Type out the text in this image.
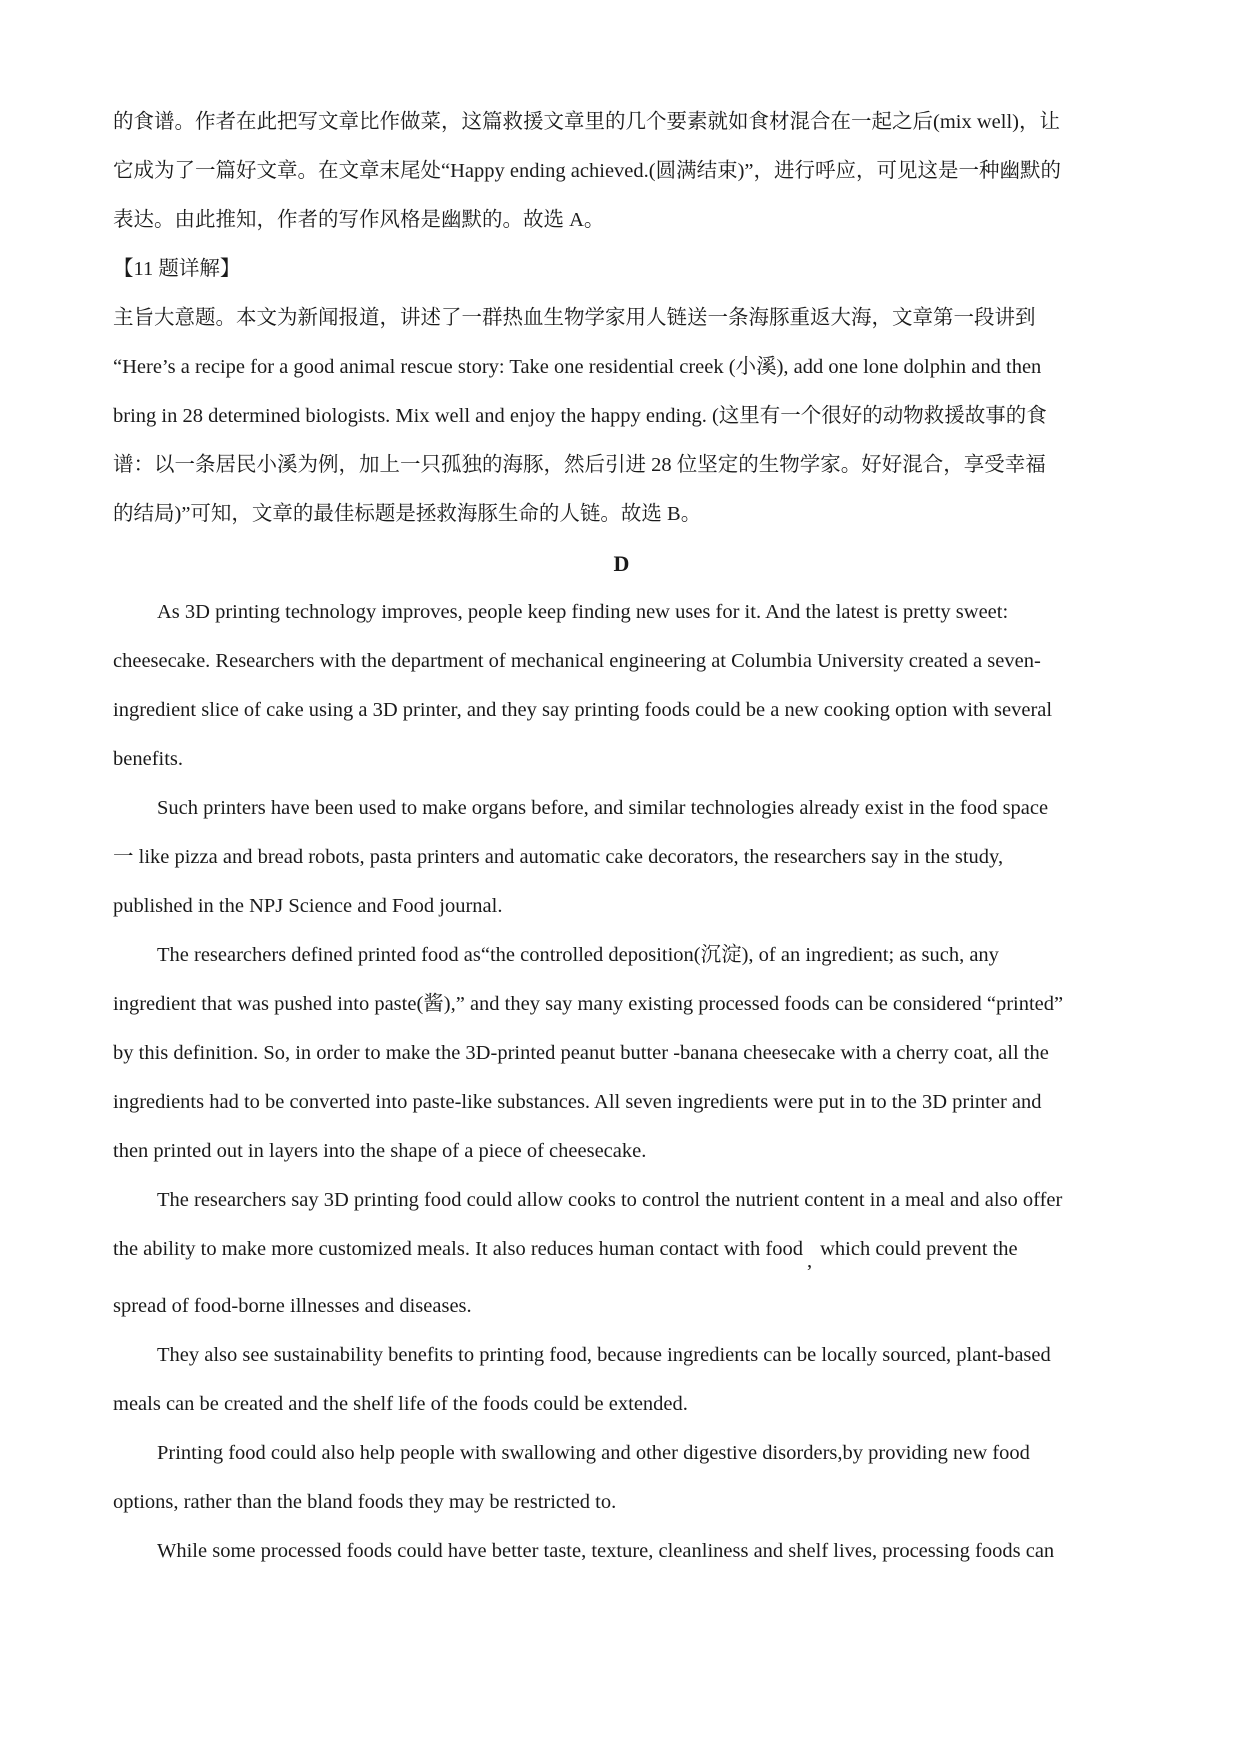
的食谱。作者在此把写文章比作做菜，这篇救援文章里的几个要素就如食材混合在一起之后(mix well)，让

它成为了一篇好文章。在文章末尾处“Happy ending achieved.(圆满结束)”，进行呼应，可见这是一种幽默的

表达。由此推知，作者的写作风格是幽默的。故选 A。

【11 题详解】

主旨大意题。本文为新闻报道，讲述了一群热血生物学家用人链送一条海豚重返大海，文章第一段讲到

“Here’s a recipe for a good animal rescue story: Take one residential creek (小溪), add one lone dolphin and then

bring in 28 determined biologists. Mix well and enjoy the happy ending. (这里有一个很好的动物救援故事的食

谱：以一条居民小溪为例，加上一只孤独的海豚，然后引进 28 位坚定的生物学家。好好混合，享受幸福

的结局)”可知，文章的最佳标题是拯救海豚生命的人链。故选 B。

D

As 3D printing technology improves, people keep finding new uses for it. And the latest is pretty sweet:

cheesecake. Researchers with the department of mechanical engineering at Columbia University created a seven-

ingredient slice of cake using a 3D printer, and they say printing foods could be a new cooking option with several

benefits.

Such printers have been used to make organs before, and similar technologies already exist in the food space

一 like pizza and bread robots, pasta printers and automatic cake decorators, the researchers say in the study,

published in the NPJ Science and Food journal.

The researchers defined printed food as“the controlled deposition(沉淀), of an ingredient; as such, any

ingredient that was pushed into paste(酱),” and they say many existing processed foods can be considered “printed”

by this definition. So, in order to make the 3D-printed peanut butter -banana cheesecake with a cherry coat, all the

ingredients had to be converted into paste-like substances. All seven ingredients were put in to the 3D printer and

then printed out in layers into the shape of a piece of cheesecake.

The researchers say 3D printing food could allow cooks to control the nutrient content in a meal and also offer

the ability to make more customized meals. It also reduces human contact with food,which could prevent the

spread of food-borne illnesses and diseases.

They also see sustainability benefits to printing food, because ingredients can be locally sourced, plant-based

meals can be created and the shelf life of the foods could be extended.

Printing food could also help people with swallowing and other digestive disorders,by providing new food

options, rather than the bland foods they may be restricted to.

While some processed foods could have better taste, texture, cleanliness and shelf lives, processing foods can
